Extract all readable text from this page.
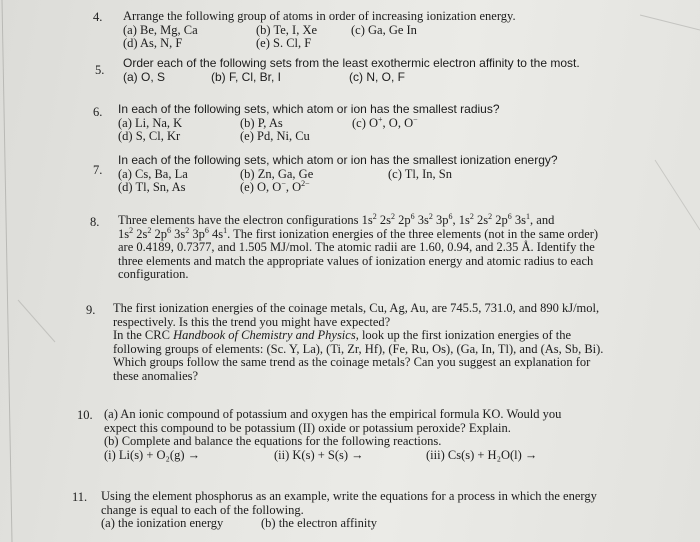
4. Arrange the following group of atoms in order of increasing ionization energy.
(a) Be, Mg, Ca	(b) Te, I, Xe	(c) Ga, Ge In
(d) As, N, F	(e) S. Cl, F
5. Order each of the following sets from the least exothermic electron affinity to the most.
(a) O, S	(b) F, Cl, Br, I	(c) N, O, F
6. In each of the following sets, which atom or ion has the smallest radius?
(a) Li, Na, K	(b) P, As	(c) O+, O, O−
(d) S, Cl, Kr	(e) Pd, Ni, Cu
7.
In each of the following sets, which atom or ion has the smallest ionization energy?
(a) Cs, Ba, La	(b) Zn, Ga, Ge	(c) Tl, In, Sn
(d) Tl, Sn, As	(e) O, O−, $O^{2-}$
8. Three elements have the electron configurations $1s^2$ $2s^2$ $2p^6$ $3s^2$ $3p^6$, $1s^2$ $2s^2$ $2p^6$ $3s^1$, and
$1s^2$ $2s^2$ $2p^6$ $3s^2$ $3p^6$ $4s^1$. The first ionization energies of the three elements (not in the same order)
are 0.4189, 0.7377, and 1.505 MJ/mol. The atomic radii are 1.60, 0.94, and 2.35 Å. Identify the
three elements and match the appropriate values of ionization energy and atomic radius to each
configuration.
9. The first ionization energies of the coinage metals, Cu, Ag, Au, are 745.5, 731.0, and 890 kJ/mol,
respectively. Is this the trend you might have expected?
In the CRC Handbook of Chemistry and Physics, look up the first ionization energies of the
following groups of elements: (Sc. Y, La), (Ti, Zr, Hf), (Fe, Ru, Os), (Ga, In, Tl), and (As, Sb, Bi).
Which groups follow the same trend as the coinage metals? Can you suggest an explanation for
these anomalies?
10. (a) An ionic compound of potassium and oxygen has the empirical formula KO. Would you
expect this compound to be potassium (II) oxide or potassium peroxide? Explain.
(b) Complete and balance the equations for the following reactions.
(i) Li(s) + O₂(g) →	(ii) K(s) + S(s) →	(iii) Cs(s) + H₂O(l) →
11. Using the element phosphorus as an example, write the equations for a process in which the energy
change is equal to each of the following.
(a) the ionization energy	(b) the electron affinity
